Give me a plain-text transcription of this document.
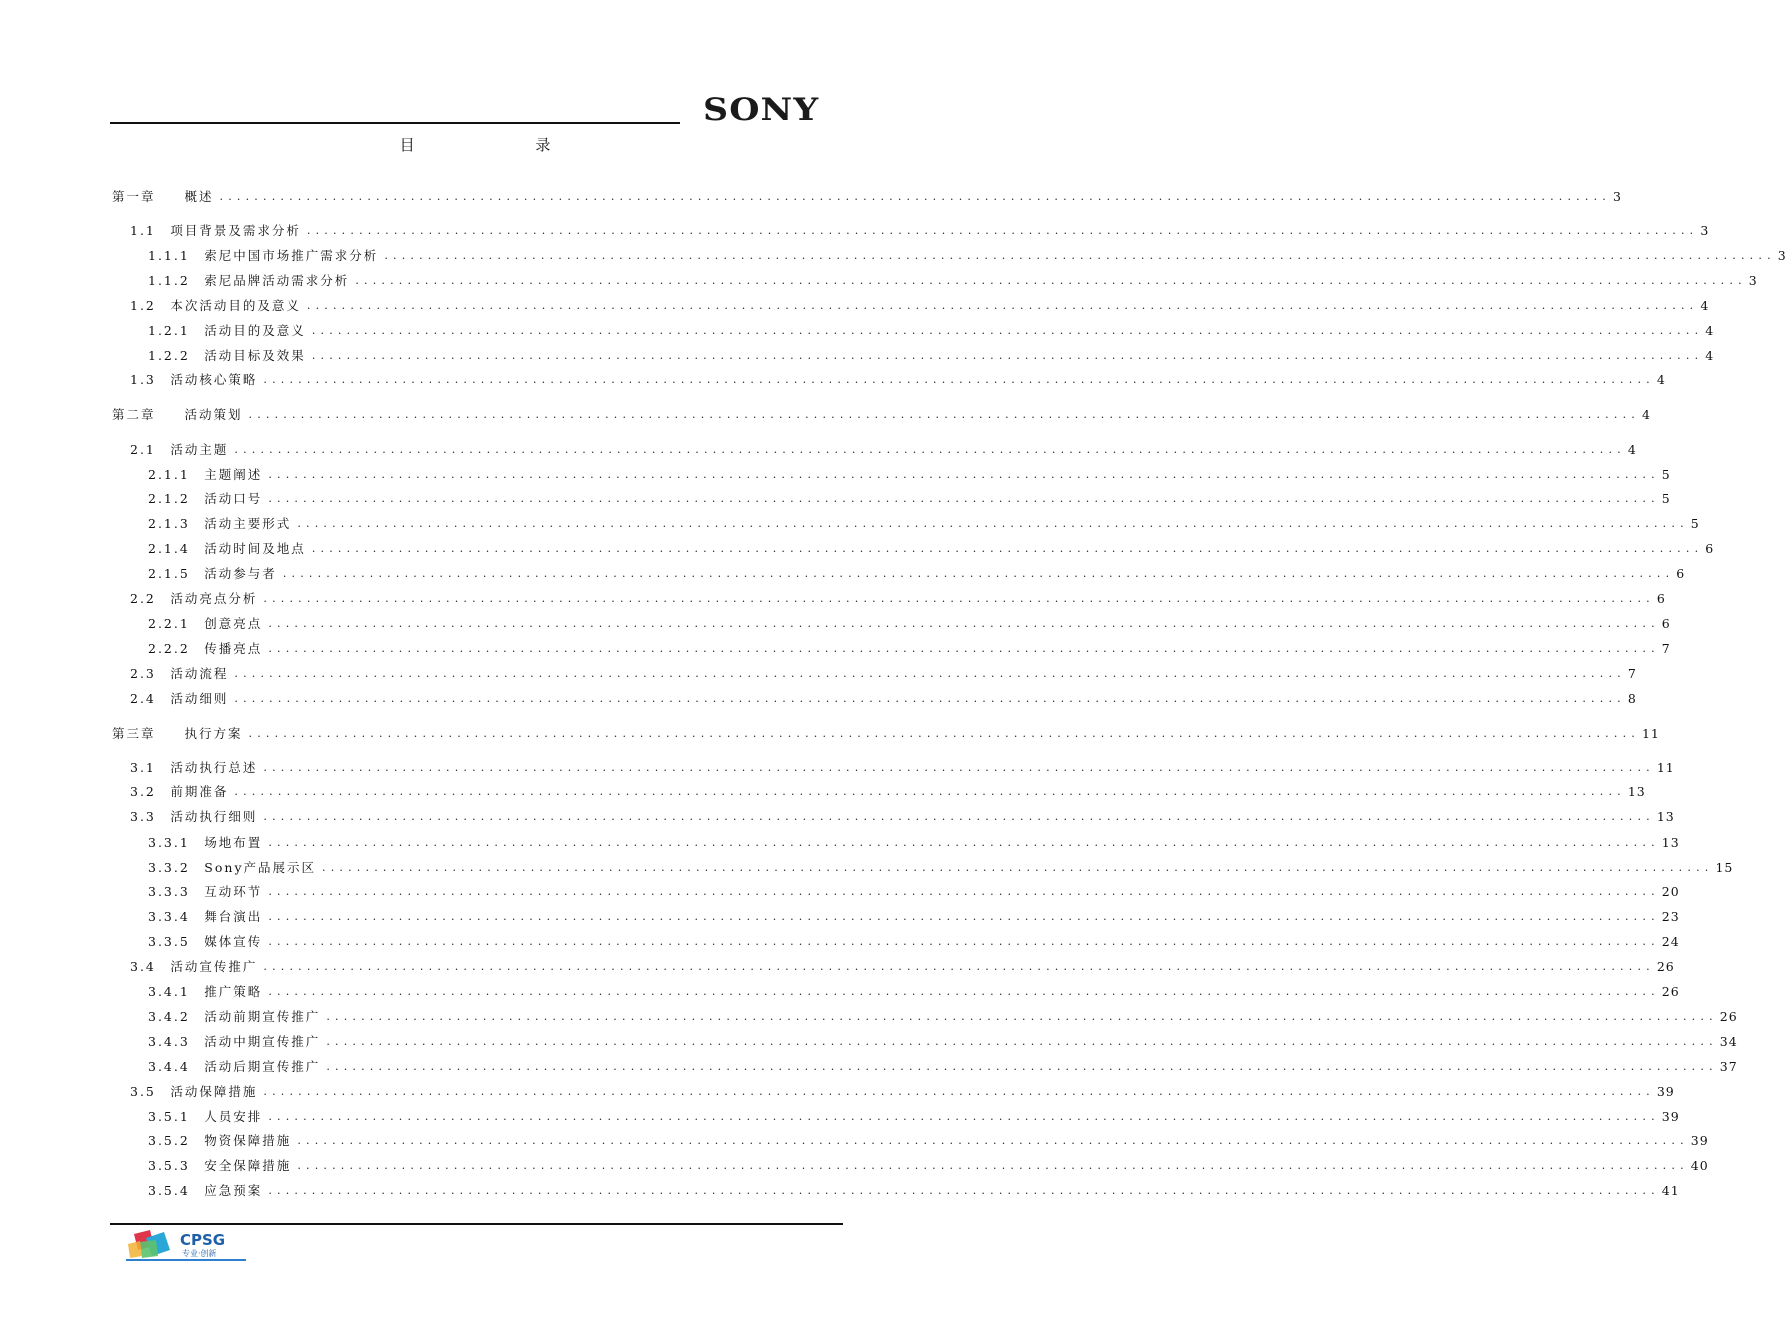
SONY
目 录
第一章　　概述 ................................................................................................................................................................ 3
1.1　项目背景及需求分析 ................................................................................................................................................................ 3
1.1.1　索尼中国市场推广需求分析 ................................................................................................................................................................ 3
1.1.2　索尼品牌活动需求分析 ................................................................................................................................................................ 3
1.2　本次活动目的及意义 ................................................................................................................................................................ 4
1.2.1　活动目的及意义 ................................................................................................................................................................ 4
1.2.2　活动目标及效果 ................................................................................................................................................................ 4
1.3　活动核心策略 ................................................................................................................................................................ 4
第二章　　活动策划 ................................................................................................................................................................ 4
2.1　活动主题 ................................................................................................................................................................ 4
2.1.1　主题阐述 ................................................................................................................................................................ 5
2.1.2　活动口号 ................................................................................................................................................................ 5
2.1.3　活动主要形式 ................................................................................................................................................................ 5
2.1.4　活动时间及地点 ................................................................................................................................................................ 6
2.1.5　活动参与者 ................................................................................................................................................................ 6
2.2　活动亮点分析 ................................................................................................................................................................ 6
2.2.1　创意亮点 ................................................................................................................................................................ 6
2.2.2　传播亮点 ................................................................................................................................................................ 7
2.3　活动流程 ................................................................................................................................................................ 7
2.4　活动细则 ................................................................................................................................................................ 8
第三章　　执行方案 ................................................................................................................................................................ 11
3.1　活动执行总述 ................................................................................................................................................................ 11
3.2　前期准备 ................................................................................................................................................................ 13
3.3　活动执行细则 ................................................................................................................................................................ 13
3.3.1　场地布置 ................................................................................................................................................................ 13
3.3.2　Sony产品展示区 ................................................................................................................................................................ 15
3.3.3　互动环节 ................................................................................................................................................................ 20
3.3.4　舞台演出 ................................................................................................................................................................ 23
3.3.5　媒体宣传 ................................................................................................................................................................ 24
3.4　活动宣传推广 ................................................................................................................................................................ 26
3.4.1　推广策略 ................................................................................................................................................................ 26
3.4.2　活动前期宣传推广 ................................................................................................................................................................ 26
3.4.3　活动中期宣传推广 ................................................................................................................................................................ 34
3.4.4　活动后期宣传推广 ................................................................................................................................................................ 37
3.5　活动保障措施 ................................................................................................................................................................ 39
3.5.1　人员安排 ................................................................................................................................................................ 39
3.5.2　物资保障措施 ................................................................................................................................................................ 39
3.5.3　安全保障措施 ................................................................................................................................................................ 40
3.5.4　应急预案 ................................................................................................................................................................ 41
CPSG
专业·创新
